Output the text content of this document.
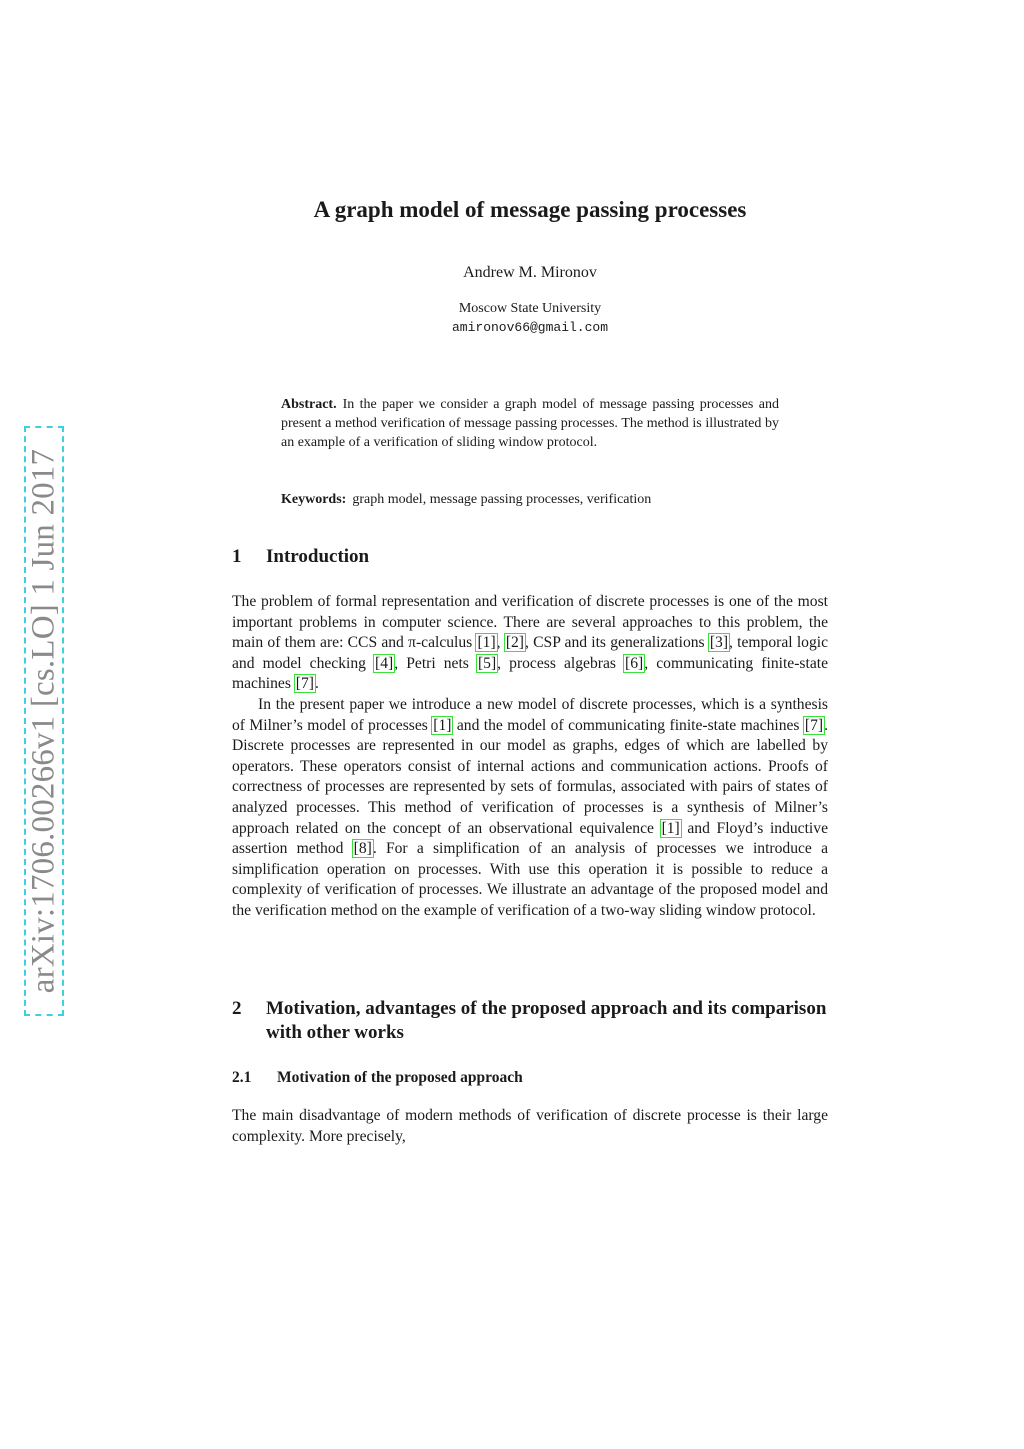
arXiv:1706.00266v1 [cs.LO] 1 Jun 2017
A graph model of message passing processes
Andrew M. Mironov
Moscow State University
amironov66@gmail.com
Abstract. In the paper we consider a graph model of message passing processes and present a method verification of message passing processes. The method is illustrated by an example of a verification of sliding window protocol.
Keywords: graph model, message passing processes, verification
1	Introduction

The problem of formal representation and verification of discrete processes is one of the most important problems in computer science. There are several approaches to this problem, the main of them are: CCS and π-calculus [1], [2], CSP and its generalizations [3], temporal logic and model checking [4], Petri nets [5], process algebras [6], communicating finite-state machines [7].

In the present paper we introduce a new model of discrete processes, which is a synthesis of Milner’s model of processes [1] and the model of communicating finite-state machines [7]. Discrete processes are represented in our model as graphs, edges of which are labelled by operators. These operators consist of internal actions and communication actions. Proofs of correctness of processes are represented by sets of formulas, associated with pairs of states of analyzed processes. This method of verification of processes is a synthesis of Milner’s approach related on the concept of an observational equivalence [1] and Floyd’s inductive assertion method [8]. For a simplification of an analysis of processes we introduce a simplification operation on processes. With use this operation it is possible to reduce a complexity of verification of processes. We illustrate an advantage of the proposed model and the verification method on the example of verification of a two-way sliding window protocol.

2	Motivation, advantages of the proposed approach and its comparison with other works
2.1	Motivation of the proposed approach

The main disadvantage of modern methods of verification of discrete processe is their large complexity. More precisely,
